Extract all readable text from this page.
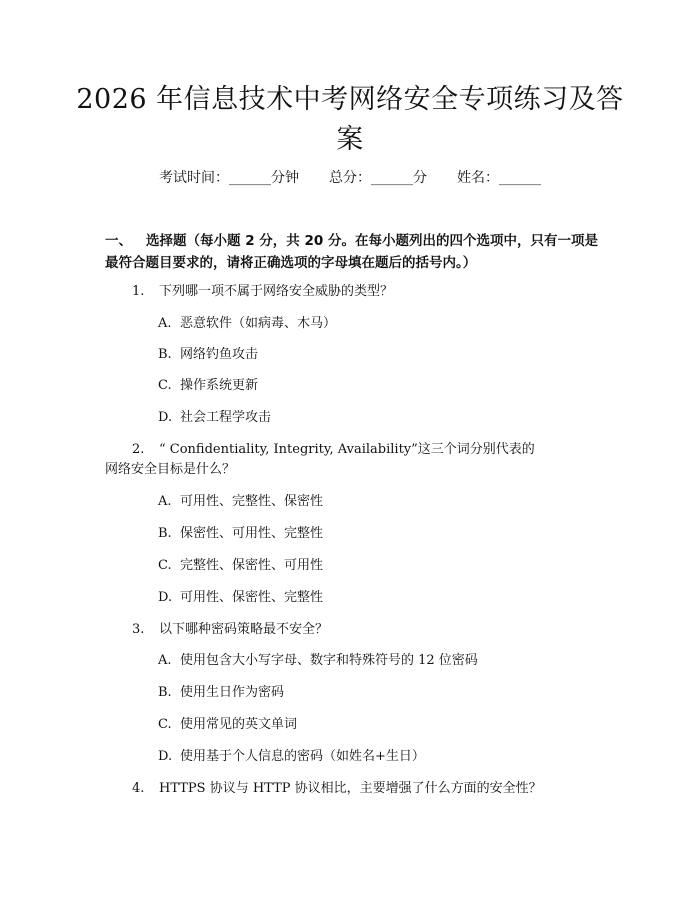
2026 年信息技术中考网络安全专项练习及答
案
考试时间：______分钟 总分：______分 姓名：______
一、 选择题（每小题 2 分，共 20 分。在每小题列出的四个选项中，只有一项是最符合题目要求的，请将正确选项的字母填在题后的括号内。）
1. 下列哪一项不属于网络安全威胁的类型？
A. 恶意软件（如病毒、木马）
B. 网络钓鱼攻击
C. 操作系统更新
D. 社会工程学攻击
2. “ Confidentiality, Integrity, Availability”这三个词分别代表的
网络安全目标是什么？
A. 可用性、完整性、保密性
B. 保密性、可用性、完整性
C. 完整性、保密性、可用性
D. 可用性、保密性、完整性
3. 以下哪种密码策略最不安全？
A. 使用包含大小写字母、数字和特殊符号的 12 位密码
B. 使用生日作为密码
C. 使用常见的英文单词
D. 使用基于个人信息的密码（如姓名+生日）
4. HTTPS 协议与 HTTP 协议相比，主要增强了什么方面的安全性？
